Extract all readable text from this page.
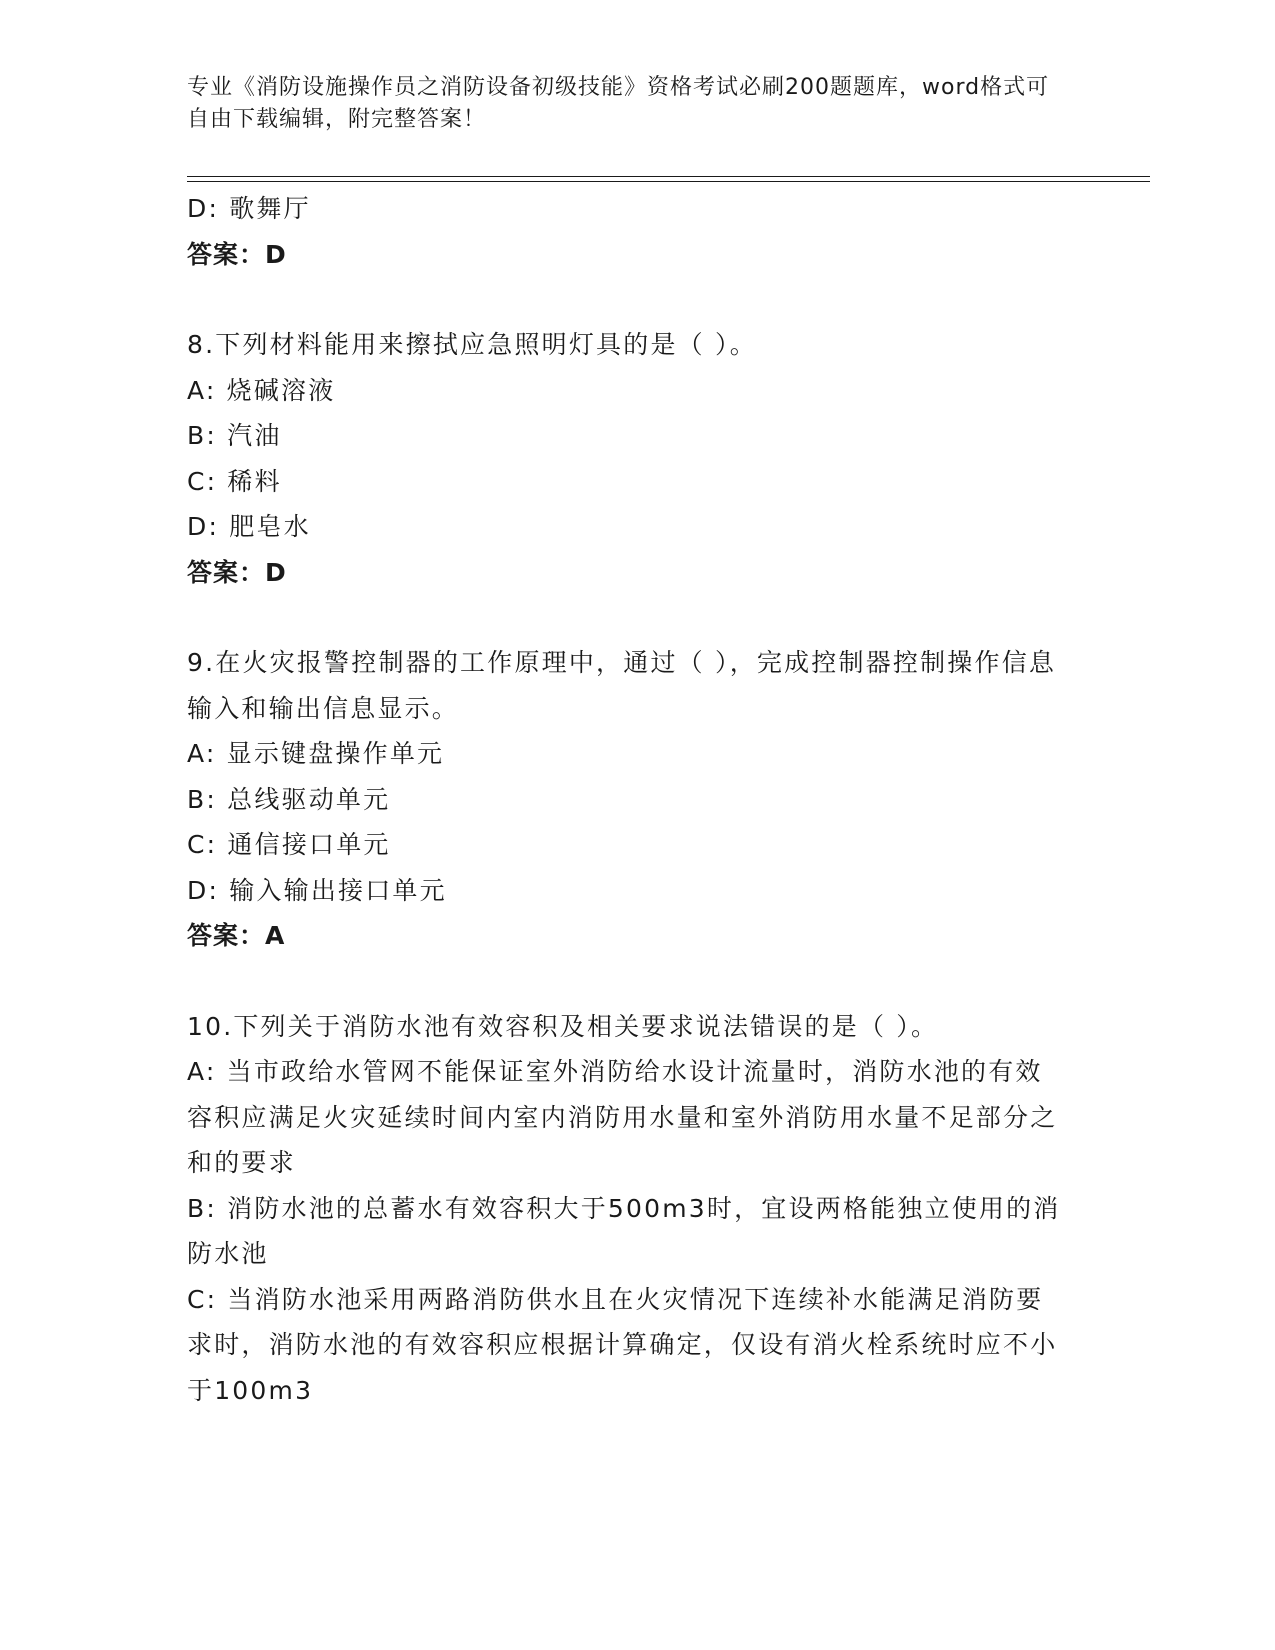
专业《消防设施操作员之消防设备初级技能》资格考试必刷200题题库，word格式可自由下载编辑，附完整答案！
D: 歌舞厅
答案：D
8.下列材料能用来擦拭应急照明灯具的是（ ）。
A: 烧碱溶液
B: 汽油
C: 稀料
D: 肥皂水
答案：D
9.在火灾报警控制器的工作原理中，通过（ ），完成控制器控制操作信息输入和输出信息显示。
A: 显示键盘操作单元
B: 总线驱动单元
C: 通信接口单元
D: 输入输出接口单元
答案：A
10.下列关于消防水池有效容积及相关要求说法错误的是（ ）。
A: 当市政给水管网不能保证室外消防给水设计流量时，消防水池的有效容积应满足火灾延续时间内室内消防用水量和室外消防用水量不足部分之和的要求
B: 消防水池的总蓄水有效容积大于500m3时，宜设两格能独立使用的消防水池
C: 当消防水池采用两路消防供水且在火灾情况下连续补水能满足消防要求时，消防水池的有效容积应根据计算确定，仅设有消火栓系统时应不小于100m3
